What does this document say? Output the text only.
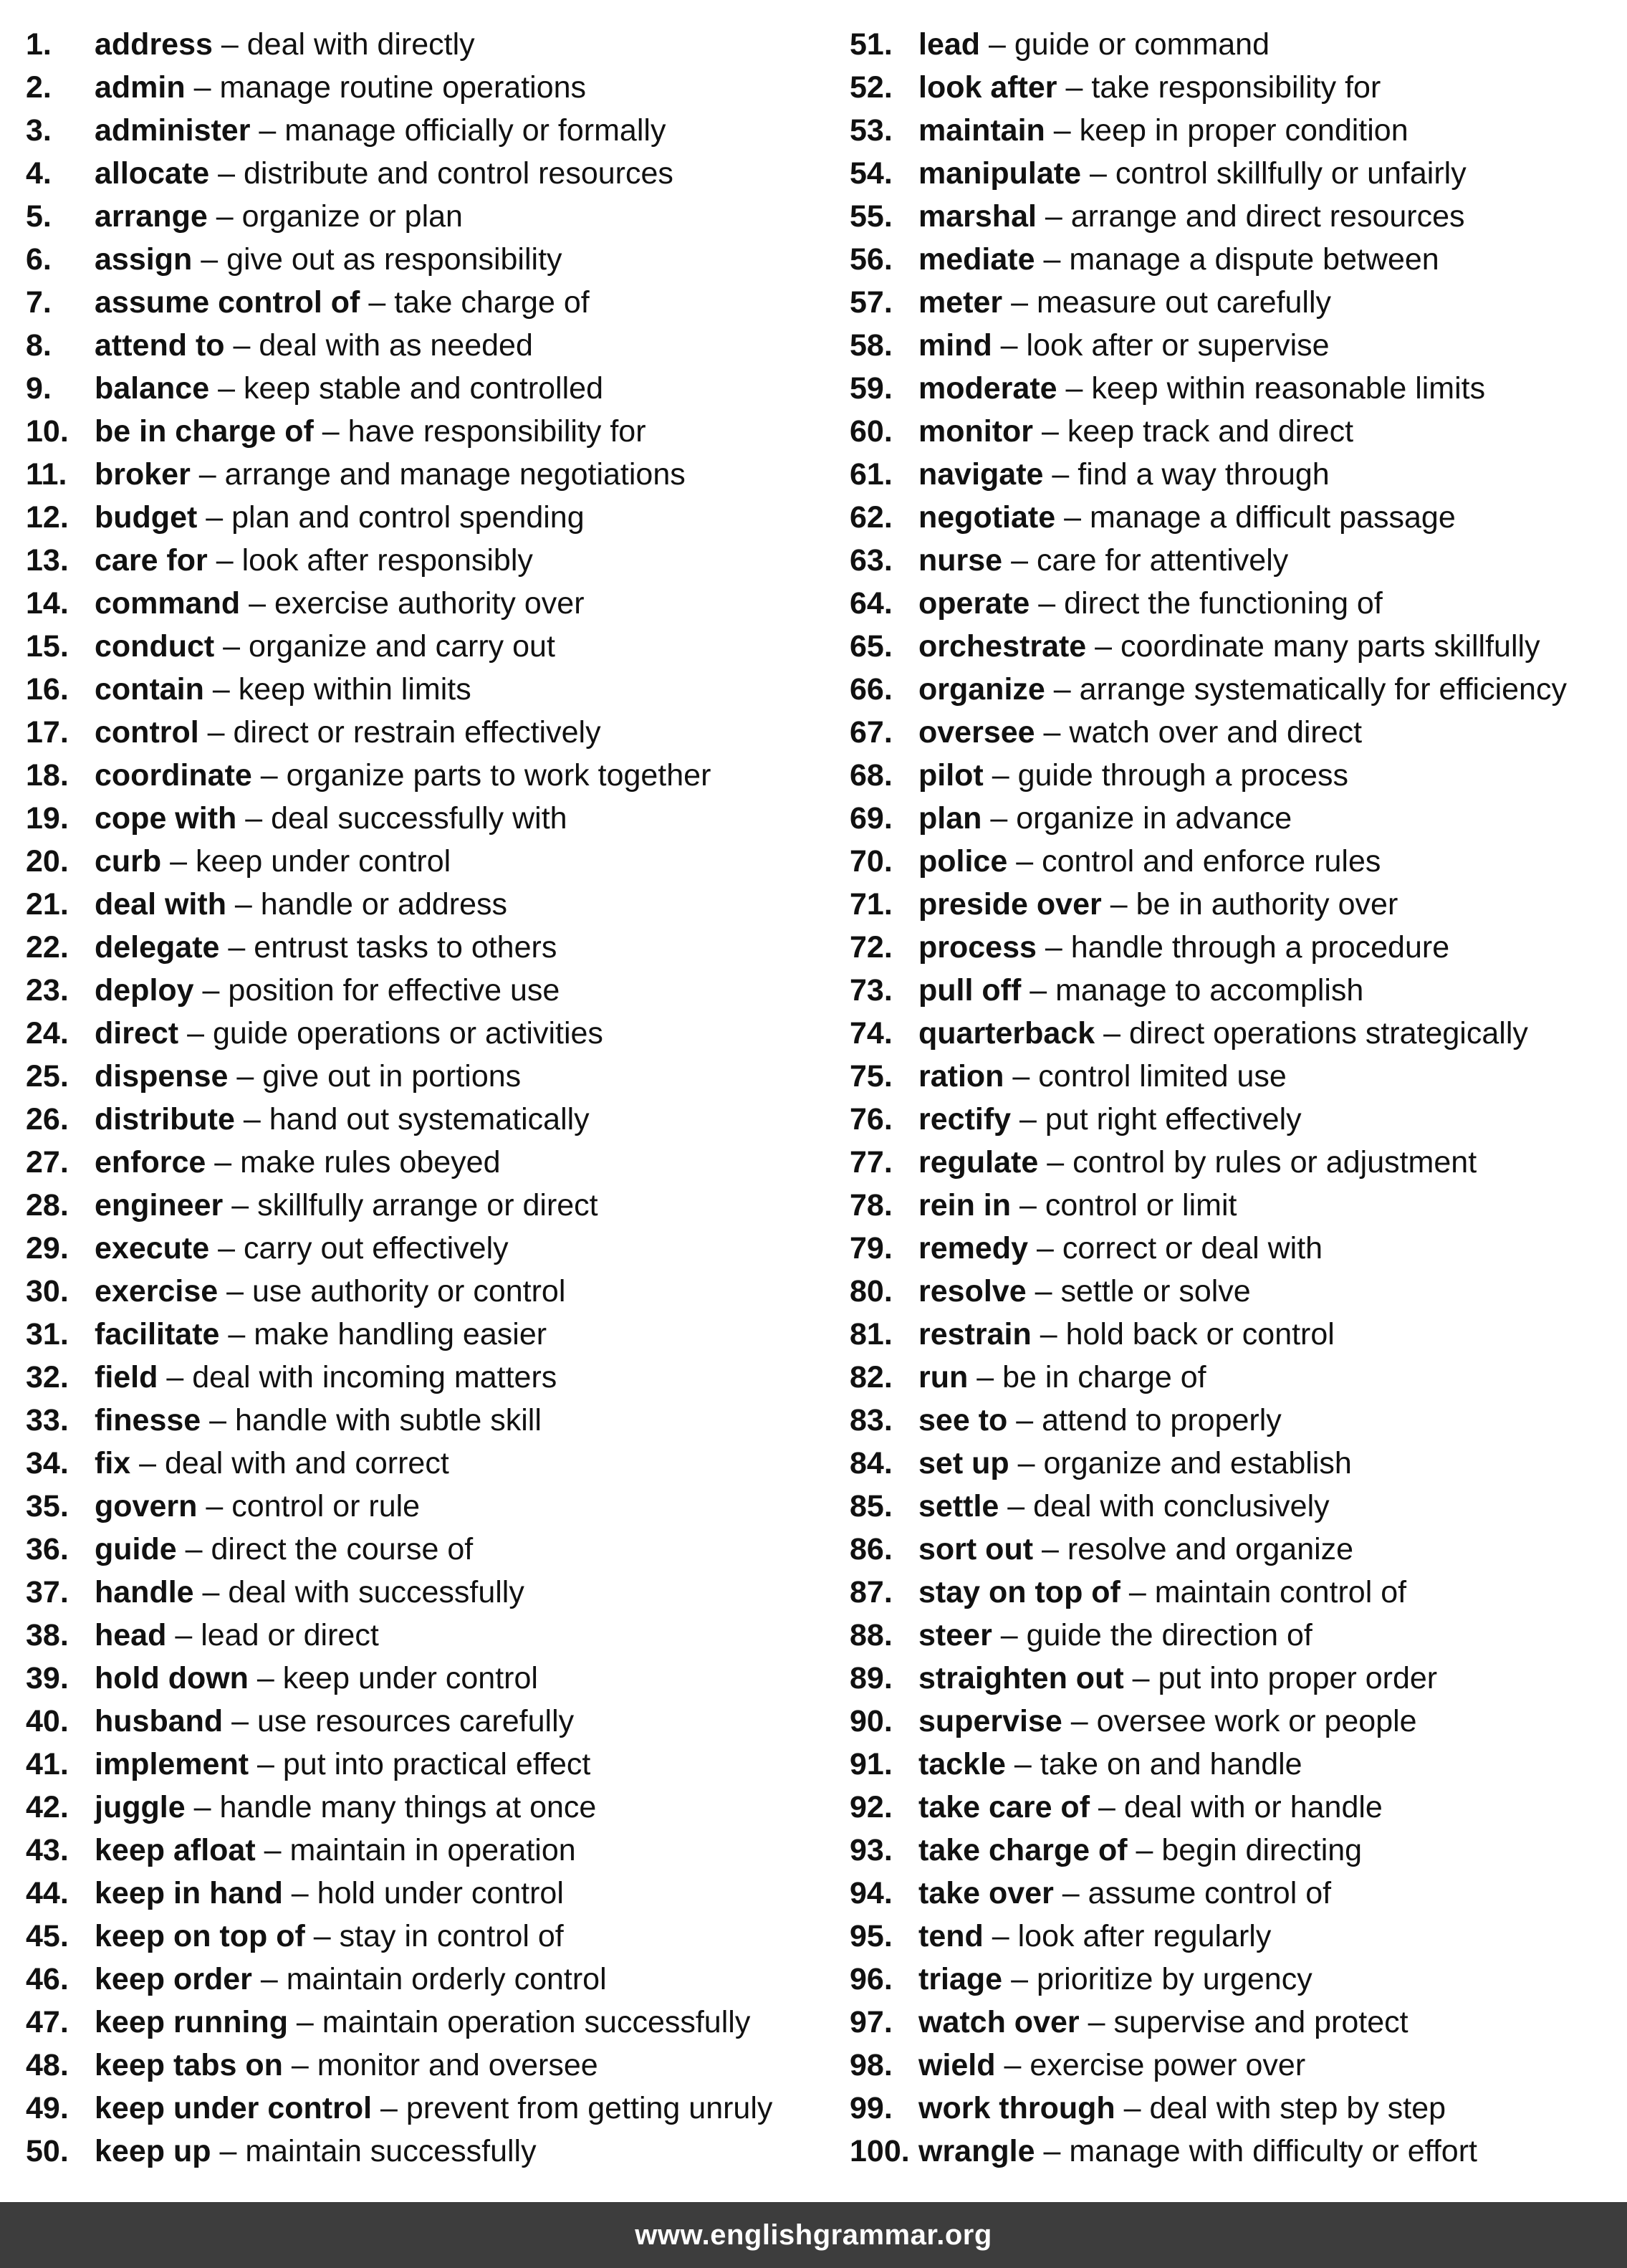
1. address – deal with directly
2. admin – manage routine operations
3. administer – manage officially or formally
4. allocate – distribute and control resources
5. arrange – organize or plan
6. assign – give out as responsibility
7. assume control of – take charge of
8. attend to – deal with as needed
9. balance – keep stable and controlled
10. be in charge of – have responsibility for
11. broker – arrange and manage negotiations
12. budget – plan and control spending
13. care for – look after responsibly
14. command – exercise authority over
15. conduct – organize and carry out
16. contain – keep within limits
17. control – direct or restrain effectively
18. coordinate – organize parts to work together
19. cope with – deal successfully with
20. curb – keep under control
21. deal with – handle or address
22. delegate – entrust tasks to others
23. deploy – position for effective use
24. direct – guide operations or activities
25. dispense – give out in portions
26. distribute – hand out systematically
27. enforce – make rules obeyed
28. engineer – skillfully arrange or direct
29. execute – carry out effectively
30. exercise – use authority or control
31. facilitate – make handling easier
32. field – deal with incoming matters
33. finesse – handle with subtle skill
34. fix – deal with and correct
35. govern – control or rule
36. guide – direct the course of
37. handle – deal with successfully
38. head – lead or direct
39. hold down – keep under control
40. husband – use resources carefully
41. implement – put into practical effect
42. juggle – handle many things at once
43. keep afloat – maintain in operation
44. keep in hand – hold under control
45. keep on top of – stay in control of
46. keep order – maintain orderly control
47. keep running – maintain operation successfully
48. keep tabs on – monitor and oversee
49. keep under control – prevent from getting unruly
50. keep up – maintain successfully
51. lead – guide or command
52. look after – take responsibility for
53. maintain – keep in proper condition
54. manipulate – control skillfully or unfairly
55. marshal – arrange and direct resources
56. mediate – manage a dispute between
57. meter – measure out carefully
58. mind – look after or supervise
59. moderate – keep within reasonable limits
60. monitor – keep track and direct
61. navigate – find a way through
62. negotiate – manage a difficult passage
63. nurse – care for attentively
64. operate – direct the functioning of
65. orchestrate – coordinate many parts skillfully
66. organize – arrange systematically for efficiency
67. oversee – watch over and direct
68. pilot – guide through a process
69. plan – organize in advance
70. police – control and enforce rules
71. preside over – be in authority over
72. process – handle through a procedure
73. pull off – manage to accomplish
74. quarterback – direct operations strategically
75. ration – control limited use
76. rectify – put right effectively
77. regulate – control by rules or adjustment
78. rein in – control or limit
79. remedy – correct or deal with
80. resolve – settle or solve
81. restrain – hold back or control
82. run – be in charge of
83. see to – attend to properly
84. set up – organize and establish
85. settle – deal with conclusively
86. sort out – resolve and organize
87. stay on top of – maintain control of
88. steer – guide the direction of
89. straighten out – put into proper order
90. supervise – oversee work or people
91. tackle – take on and handle
92. take care of – deal with or handle
93. take charge of – begin directing
94. take over – assume control of
95. tend – look after regularly
96. triage – prioritize by urgency
97. watch over – supervise and protect
98. wield – exercise power over
99. work through – deal with step by step
100. wrangle – manage with difficulty or effort
www.englishgrammar.org
